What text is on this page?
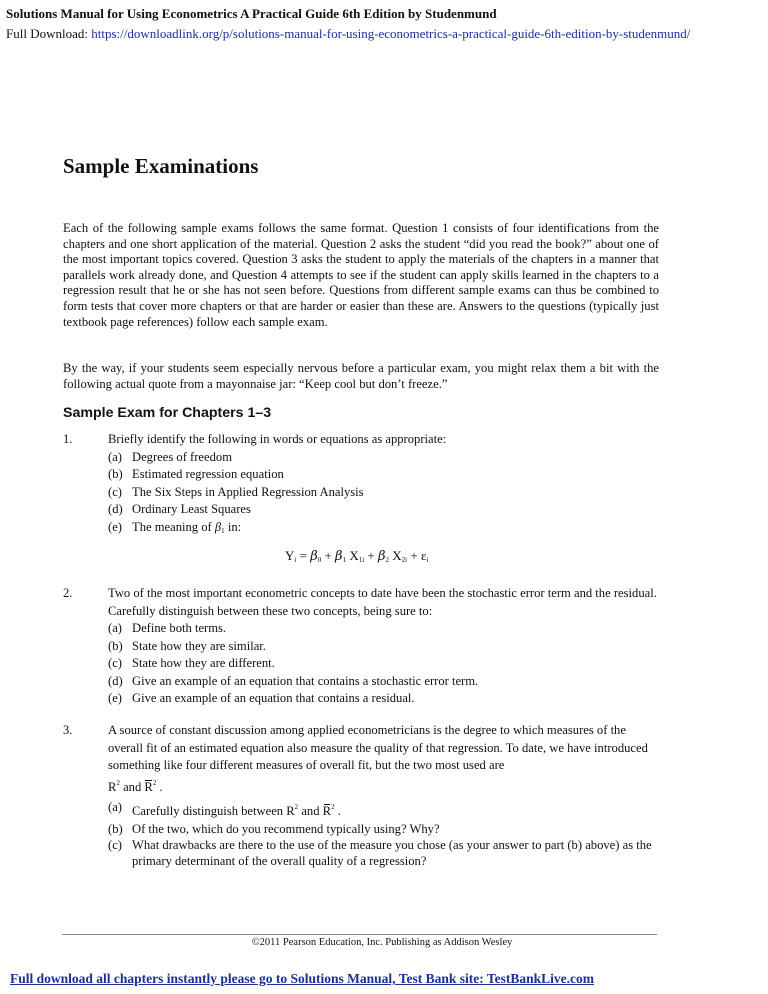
Solutions Manual for Using Econometrics A Practical Guide 6th Edition by Studenmund
Full Download: https://downloadlink.org/p/solutions-manual-for-using-econometrics-a-practical-guide-6th-edition-by-studenmund/
Sample Examinations

Each of the following sample exams follows the same format. Question 1 consists of four identifications from the chapters and one short application of the material. Question 2 asks the student “did you read the book?” about one of the most important topics covered. Question 3 asks the student to apply the materials of the chapters in a manner that parallels work already done, and Question 4 attempts to see if the student can apply skills learned in the chapters to a regression result that he or she has not seen before. Questions from different sample exams can thus be combined to form tests that cover more chapters or that are harder or easier than these are. Answers to the questions (typically just textbook page references) follow each sample exam.

By the way, if your students seem especially nervous before a particular exam, you might relax them a bit with the following actual quote from a mayonnaise jar: “Keep cool but don’t freeze.”

Sample Exam for Chapters 1–3
1.	Briefly identify the following in words or equations as appropriate:

(a) Degrees of freedom
(b) Estimated regression equation
(c) The Six Steps in Applied Regression Analysis
(d) Ordinary Least Squares
(e) The meaning of $\beta_1$ in:
$Y_i = \beta_0 + \beta_1$ $X_{1i} + \beta_2$ $X_{2i} + \varepsilon_i$
2.	Two of the most important econometric concepts to date have been the stochastic error term and the residual. Carefully distinguish between these two concepts, being sure to:

(a) Define both terms.
(b) State how they are similar.
(c) State how they are different.
(d) Give an example of an equation that contains a stochastic error term.
(e) Give an example of an equation that contains a residual.
3.	A source of constant discussion among applied econometricians is the degree to which measures of the overall fit of an estimated equation also measure the quality of that regression. To date, we have introduced something like four different measures of overall fit, but the two most used are
$R^2$ and $R^2$ .

(a) Carefully distinguish between $R^2$ and $R^2$ .
(b) Of the two, which do you recommend typically using? Why?
(c) What drawbacks are there to the use of the measure you chose (as your answer to part (b) above) as the primary determinant of the overall quality of a regression?
©2011 Pearson Education, Inc. Publishing as Addison Wesley
Full download all chapters instantly please go to Solutions Manual, Test Bank site: TestBankLive.com
